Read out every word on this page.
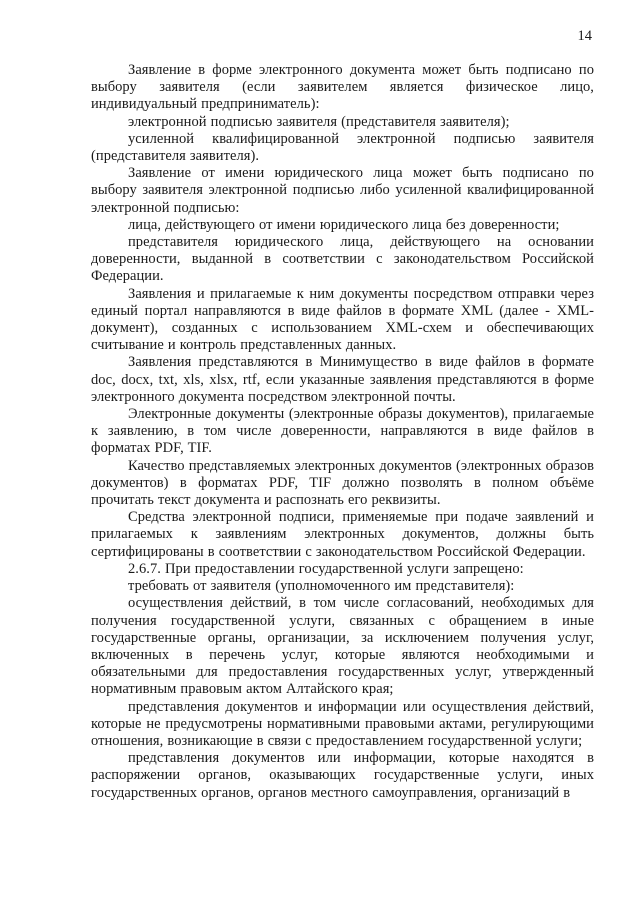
14

Заявление в форме электронного документа может быть подписано по выбору заявителя (если заявителем является физическое лицо, индивидуальный предприниматель):

электронной подписью заявителя (представителя заявителя);

усиленной квалифицированной электронной подписью заявителя (представителя заявителя).

Заявление от имени юридического лица может быть подписано по выбору заявителя электронной подписью либо усиленной квалифицированной электронной подписью:

лица, действующего от имени юридического лица без доверенности;

представителя юридического лица, действующего на основании доверенности, выданной в соответствии с законодательством Российской Федерации.

Заявления и прилагаемые к ним документы посредством отправки через единый портал направляются в виде файлов в формате XML (далее - XML-документ), созданных с использованием XML-схем и обеспечивающих считывание и контроль представленных данных.

Заявления представляются в Минимущество в виде файлов в формате doc, docx, txt, xls, xlsx, rtf, если указанные заявления представляются в форме электронного документа посредством электронной почты.

Электронные документы (электронные образы документов), прилагаемые к заявлению, в том числе доверенности, направляются в виде файлов в форматах PDF, TIF.

Качество представляемых электронных документов (электронных образов документов) в форматах PDF, TIF должно позволять в полном объёме прочитать текст документа и распознать его реквизиты.

Средства электронной подписи, применяемые при подаче заявлений и прилагаемых к заявлениям электронных документов, должны быть сертифицированы в соответствии с законодательством Российской Федерации.

2.6.7. При предоставлении государственной услуги запрещено:

требовать от заявителя (уполномоченного им представителя):

осуществления действий, в том числе согласований, необходимых для получения государственной услуги, связанных с обращением в иные государственные органы, организации, за исключением получения услуг, включенных в перечень услуг, которые являются необходимыми и обязательными для предоставления государственных услуг, утвержденный нормативным правовым актом Алтайского края;

представления документов и информации или осуществления действий, которые не предусмотрены нормативными правовыми актами, регулирующими отношения, возникающие в связи с предоставлением государственной услуги;

представления документов или информации, которые находятся в распоряжении органов, оказывающих государственные услуги, иных государственных органов, органов местного самоуправления, организаций в
